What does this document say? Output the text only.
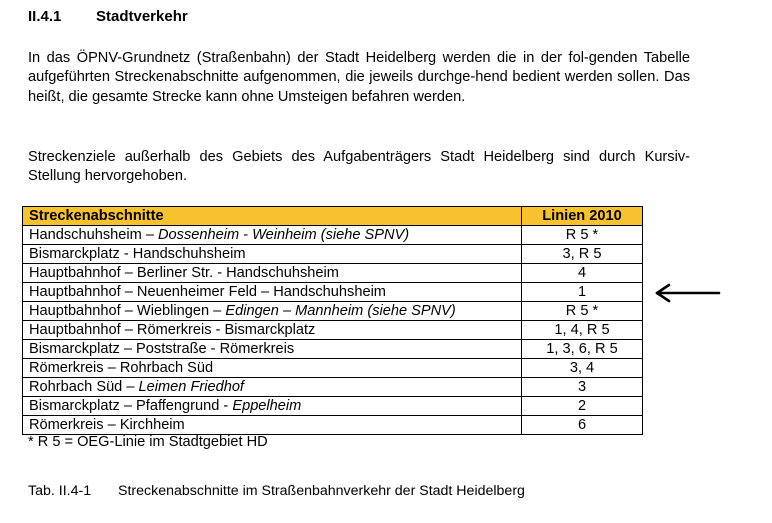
II.4.1 Stadtverkehr

In das ÖPNV-Grundnetz (Straßenbahn) der Stadt Heidelberg werden die in der fol-genden Tabelle aufgeführten Streckenabschnitte aufgenommen, die jeweils durchge-hend bedient werden sollen. Das heißt, die gesamte Strecke kann ohne Umsteigen befahren werden.

Streckenziele außerhalb des Gebiets des Aufgabenträgers Stadt Heidelberg sind durch Kursiv-Stellung hervorgehoben.

Streckenabschnitte	Linien 2010
Handschuhsheim – Dossenheim - Weinheim (siehe SPNV)	R 5 *
Bismarckplatz - Handschuhsheim	3, R 5
Hauptbahnhof – Berliner Str. - Handschuhsheim	4
Hauptbahnhof – Neuenheimer Feld – Handschuhsheim	1
Hauptbahnhof – Wieblingen – Edingen – Mannheim (siehe SPNV)	R 5 *
Hauptbahnhof – Römerkreis - Bismarckplatz	1, 4, R 5
Bismarckplatz – Poststraße - Römerkreis	1, 3, 6, R 5
Römerkreis – Rohrbach Süd	3, 4
Rohrbach Süd – Leimen Friedhof	3
Bismarckplatz – Pfaffengrund - Eppelheim	2
Römerkreis – Kirchheim	6
* R 5 = OEG-Linie im Stadtgebiet HD
Tab. II.4-1 Streckenabschnitte im Straßenbahnverkehr der Stadt Heidelberg
